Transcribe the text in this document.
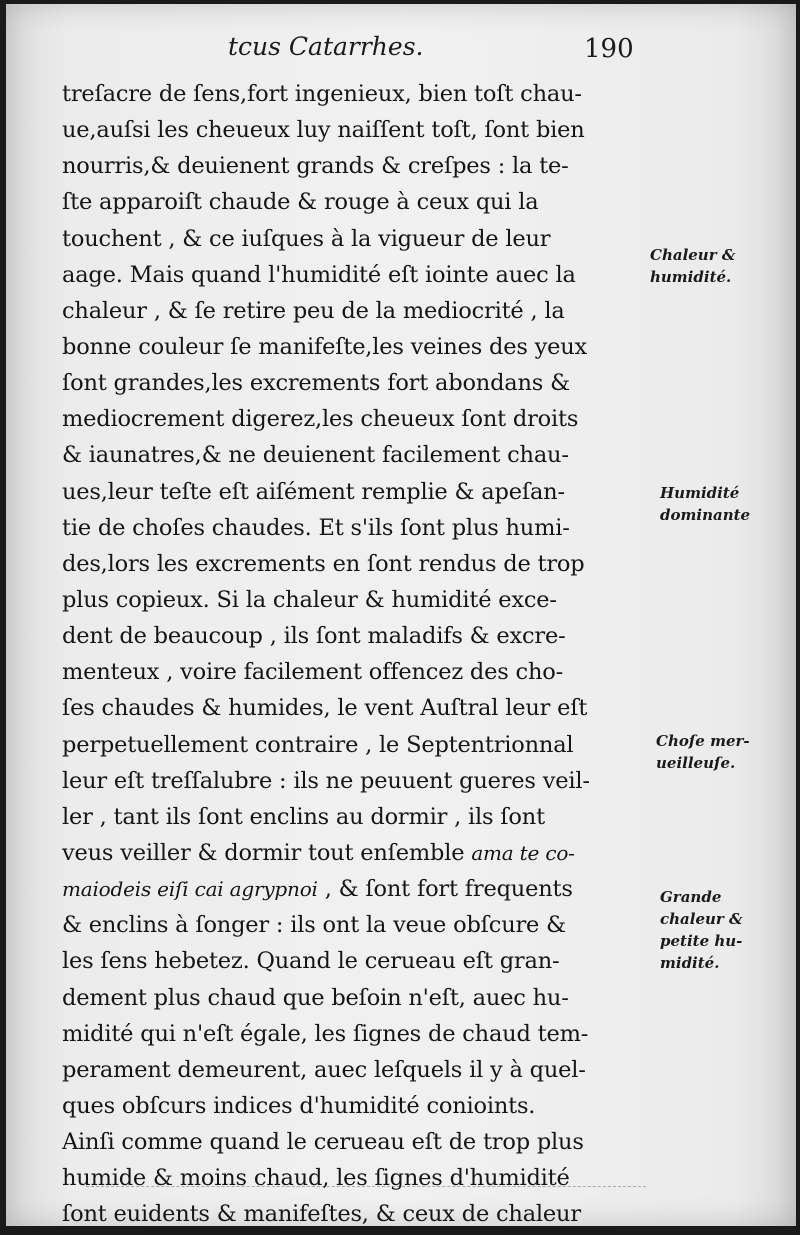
tcus Catarrhes.	190
treſacre de ſens,fort ingenieux, bien toſt chau-
ue,auſsi les cheueux luy naiſſent toſt, ſont bien
nourris,& deuienent grands & creſpes : la te-
ſte apparoiſt chaude & rouge à ceux qui la
touchent , & ce iuſques à la vigueur de leur
aage. Mais quand l'humidité eſt iointe auec la
chaleur , & ſe retire peu de la mediocrité , la
bonne couleur ſe manifeſte,les veines des yeux
ſont grandes,les excrements fort abondans &
mediocrement digerez,les cheueux ſont droits
& iaunatres,& ne deuienent facilement chau-
ues,leur teſte eſt aiſément remplie & apeſan-
tie de choſes chaudes. Et s'ils ſont plus humi-
des,lors les excrements en ſont rendus de trop
plus copieux. Si la chaleur & humidité exce-
dent de beaucoup , ils ſont maladifs & excre-
menteux , voire facilement offencez des cho-
ſes chaudes & humides, le vent Auſtral leur eſt
perpetuellement contraire , le Septentrionnal
leur eſt treſſalubre : ils ne peuuent gueres veil-
ler , tant ils ſont enclins au dormir , ils ſont
veus veiller & dormir tout enſemble ama te co-
maiodeis eiſi cai agrypnoi , & ſont fort frequents
& enclins à ſonger : ils ont la veue obſcure &
les ſens hebetez. Quand le cerueau eſt gran-
dement plus chaud que beſoin n'eſt, auec hu-
midité qui n'eſt égale, les ſignes de chaud tem-
perament demeurent, auec leſquels il y à quel-
ques obſcurs indices d'humidité conioints.
Ainſi comme quand le cerueau eſt de trop plus
humide & moins chaud, les ſignes d'humidité
ſont euidents & manifeſtes, & ceux de chaleur
Chaleur &
humidité.
Humidité
dominante
Choſe mer-
ueilleuſe.
Grande
chaleur &
petite hu-
midité.
